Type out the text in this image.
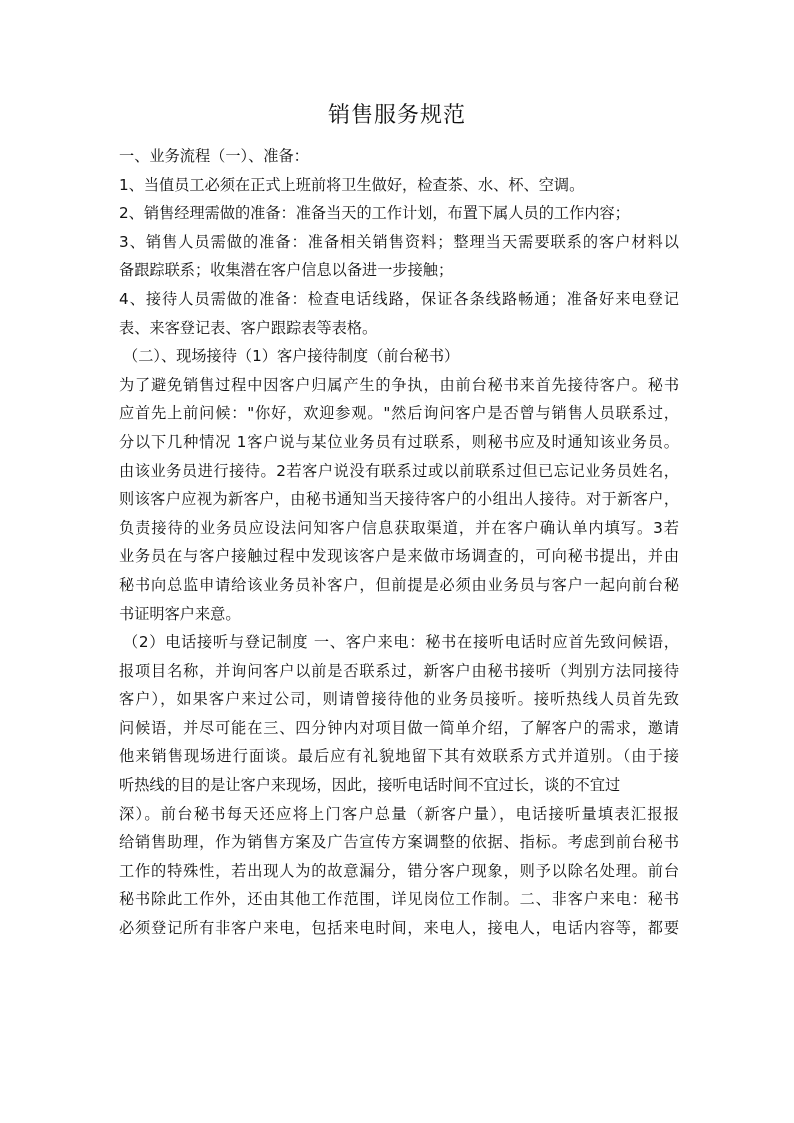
销售服务规范
一、业务流程（一）、准备：
1、当值员工必须在正式上班前将卫生做好，检查茶、水、杯、空调。
2、销售经理需做的准备：准备当天的工作计划，布置下属人员的工作内容；
3、销售人员需做的准备：准备相关销售资料；整理当天需要联系的客户材料以
备跟踪联系；收集潜在客户信息以备进一步接触；
4、接待人员需做的准备：检查电话线路，保证各条线路畅通；准备好来电登记
表、来客登记表、客户跟踪表等表格。
（二）、现场接待（1）客户接待制度（前台秘书）
为了避免销售过程中因客户归属产生的争执，由前台秘书来首先接待客户。秘书
应首先上前问候："你好，欢迎参观。"然后询问客户是否曾与销售人员联系过，
分以下几种情况 1客户说与某位业务员有过联系，则秘书应及时通知该业务员。
由该业务员进行接待。2若客户说没有联系过或以前联系过但已忘记业务员姓名，
则该客户应视为新客户，由秘书通知当天接待客户的小组出人接待。对于新客户，
负责接待的业务员应设法问知客户信息获取渠道，并在客户确认单内填写。3若
业务员在与客户接触过程中发现该客户是来做市场调查的，可向秘书提出，并由
秘书向总监申请给该业务员补客户，但前提是必须由业务员与客户一起向前台秘
书证明客户来意。
（2）电话接听与登记制度 一、客户来电：秘书在接听电话时应首先致问候语，
报项目名称，并询问客户以前是否联系过，新客户由秘书接听（判别方法同接待
客户），如果客户来过公司，则请曾接待他的业务员接听。接听热线人员首先致
问候语，并尽可能在三、四分钟内对项目做一简单介绍，了解客户的需求，邀请
他来销售现场进行面谈。最后应有礼貌地留下其有效联系方式并道别。（由于接
听热线的目的是让客户来现场，因此，接听电话时间不宜过长，谈的不宜过
深）。前台秘书每天还应将上门客户总量（新客户量），电话接听量填表汇报报
给销售助理，作为销售方案及广告宣传方案调整的依据、指标。考虑到前台秘书
工作的特殊性，若出现人为的故意漏分，错分客户现象，则予以除名处理。前台
秘书除此工作外，还由其他工作范围，详见岗位工作制。二、非客户来电：秘书
必须登记所有非客户来电，包括来电时间，来电人，接电人，电话内容等，都要
